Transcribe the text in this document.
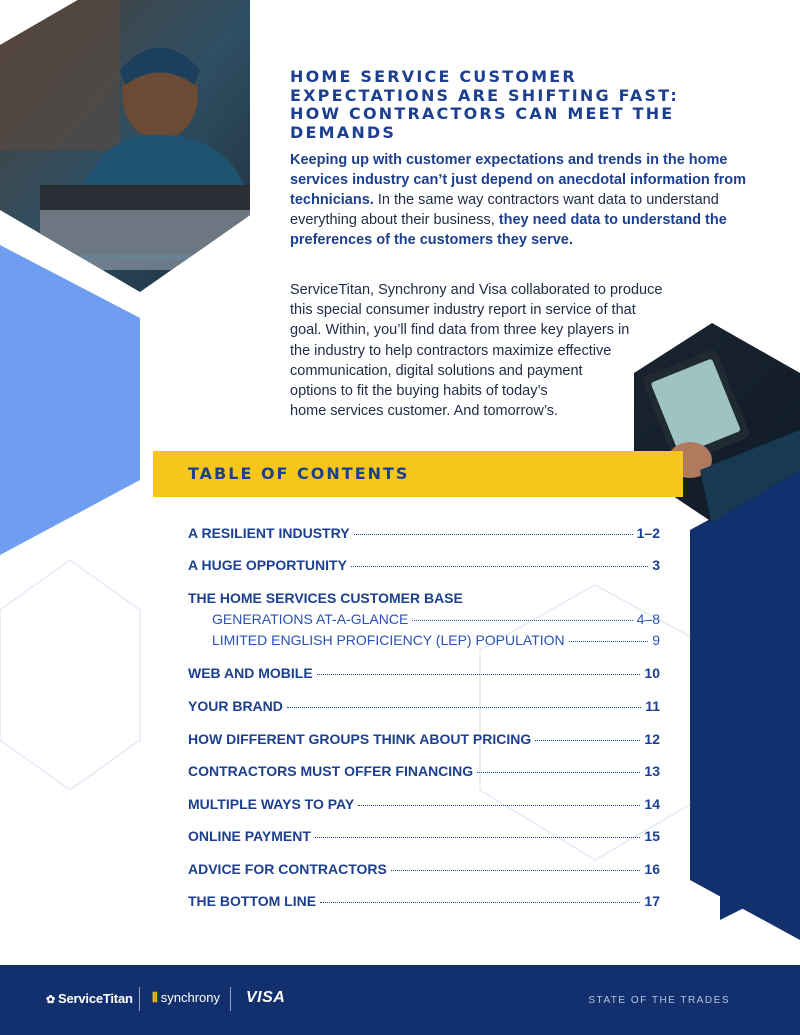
HOME SERVICE CUSTOMER
EXPECTATIONS ARE SHIFTING FAST:
HOW CONTRACTORS CAN MEET THE DEMANDS

Keeping up with customer expectations and trends in the home services industry can’t just depend on anecdotal information from technicians. In the same way contractors want data to understand everything about their business, they need data to understand the preferences of the customers they serve.

ServiceTitan, Synchrony and Visa collaborated to produce
this special consumer industry report in service of that
goal. Within, you’ll find data from three key players in
the industry to help contractors maximize effective
communication, digital solutions and payment
options to fit the buying habits of today’s
home services customer. And tomorrow’s.

TABLE OF CONTENTS
A RESILIENT INDUSTRY	1–2
A HUGE OPPORTUNITY	3
THE HOME SERVICES CUSTOMER BASE
GENERATIONS AT-A-GLANCE	4–8
LIMITED ENGLISH PROFICIENCY (LEP) POPULATION	9
WEB AND MOBILE	10
YOUR BRAND	11
HOW DIFFERENT GROUPS THINK ABOUT PRICING	12
CONTRACTORS MUST OFFER FINANCING	13
MULTIPLE WAYS TO PAY	14
ONLINE PAYMENT	15
ADVICE FOR CONTRACTORS	16
THE BOTTOM LINE	17
✿ ServiceTitan ⦀ synchrony VISA	STATE OF THE TRADES
